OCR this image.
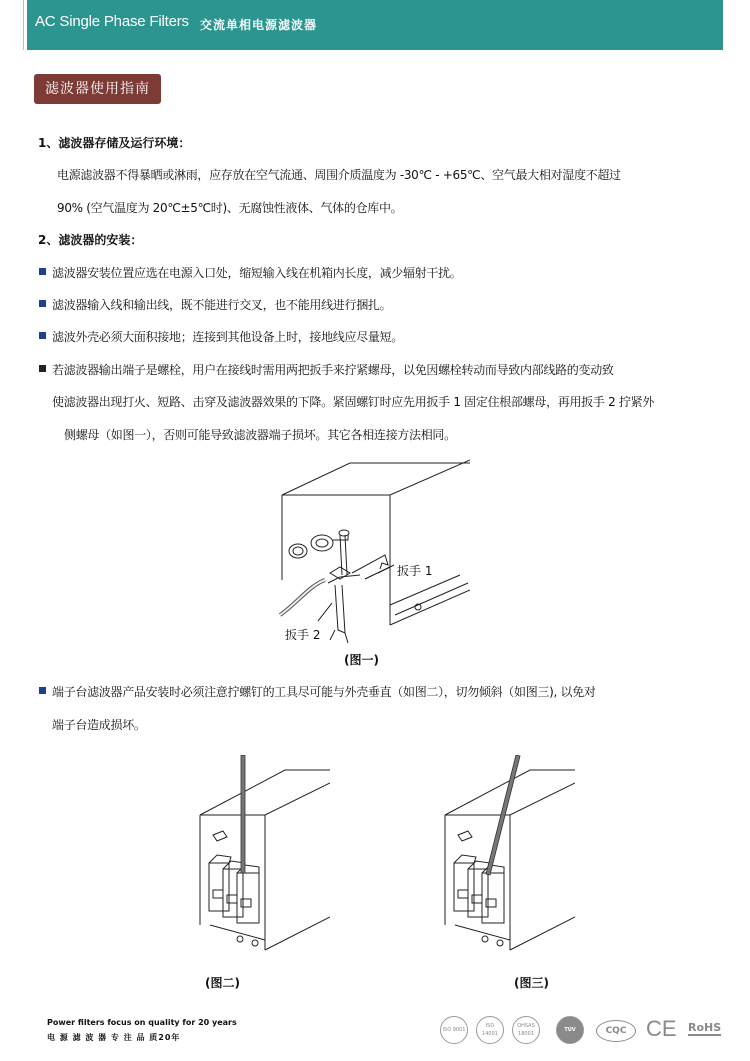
AC Single Phase Filters 交流单相电源滤波器
滤波器使用指南
1、滤波器存储及运行环境：
电源滤波器不得暴晒或淋雨，应存放在空气流通、周围介质温度为 -30℃ - +65℃、空气最大相对湿度不超过
90% (空气温度为 20℃±5℃时)、无腐蚀性液体、气体的仓库中。
2、滤波器的安装：
滤波器安装位置应选在电源入口处，缩短输入线在机箱内长度，减少辐射干扰。
滤波器输入线和输出线，既不能进行交叉，也不能用线进行捆扎。
滤波外壳必须大面积接地；连接到其他设备上时，接地线应尽量短。
若滤波器输出端子是螺栓，用户在接线时需用两把扳手来拧紧螺母，以免因螺栓转动而导致内部线路的变动致
使滤波器出现打火、短路、击穿及滤波器效果的下降。紧固螺钉时应先用扳手 1 固定住根部螺母，再用扳手 2 拧紧外
侧螺母（如图一），否则可能导致滤波器端子损坏。其它各相连接方法相同。
扳手 1
扳手 2
(图一)
端子台滤波器产品安装时必须注意拧螺钉的工具尽可能与外壳垂直（如图二），切勿倾斜（如图三), 以免对
端子台造成损坏。
(图二)	(图三)
Power filters focus on quality for 20 years
电 源 滤 波 器 专 注 品 质20年
ISO 9001
ISO 14001
OHSAS 18001
TUV	CQC CE RoHS
